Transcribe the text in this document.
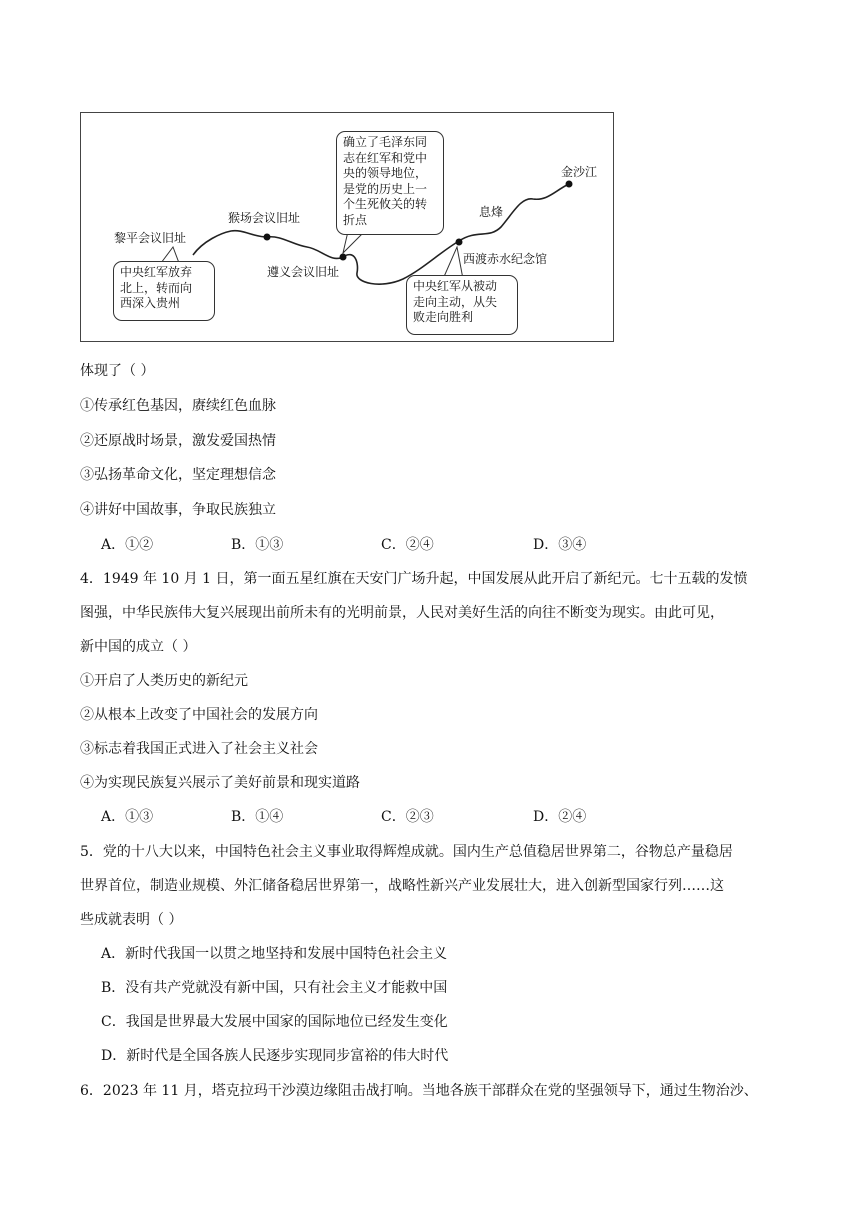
黎平会议旧址
猴场会议旧址
遵义会议旧址
西渡赤水纪念馆
息烽
金沙江
中央红军放弃
北上，转而向
西深入贵州
确立了毛泽东同
志在红军和党中
央的领导地位，
是党的历史上一
个生死攸关的转
折点
中央红军从被动
走向主动，从失
败走向胜利
体现了（ ）
①传承红色基因，赓续红色血脉
②还原战时场景，激发爱国热情
③弘扬革命文化，坚定理想信念
④讲好中国故事，争取民族独立
A．①②	B．①③	C．②④	D．③④
4．1949 年 10 月 1 日，第一面五星红旗在天安门广场升起，中国发展从此开启了新纪元。七十五载的发愤
图强，中华民族伟大复兴展现出前所未有的光明前景，人民对美好生活的向往不断变为现实。由此可见，
新中国的成立（ ）
①开启了人类历史的新纪元
②从根本上改变了中国社会的发展方向
③标志着我国正式进入了社会主义社会
④为实现民族复兴展示了美好前景和现实道路
A．①③	B．①④	C．②③	D．②④
5．党的十八大以来，中国特色社会主义事业取得辉煌成就。国内生产总值稳居世界第二，谷物总产量稳居
世界首位，制造业规模、外汇储备稳居世界第一，战略性新兴产业发展壮大，进入创新型国家行列……这
些成就表明（ ）
A．新时代我国一以贯之地坚持和发展中国特色社会主义
B．没有共产党就没有新中国，只有社会主义才能救中国
C．我国是世界最大发展中国家的国际地位已经发生变化
D．新时代是全国各族人民逐步实现同步富裕的伟大时代
6．2023 年 11 月，塔克拉玛干沙漠边缘阻击战打响。当地各族干部群众在党的坚强领导下，通过生物治沙、
